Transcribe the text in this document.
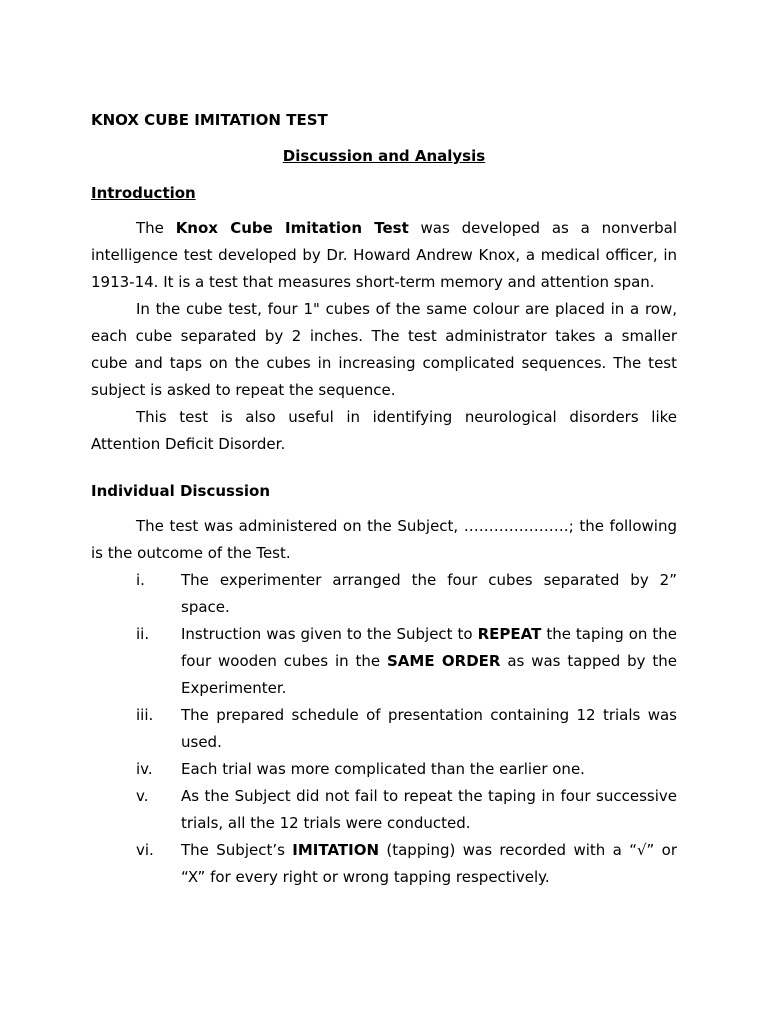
KNOX CUBE IMITATION TEST
Discussion and Analysis
Introduction

The Knox Cube Imitation Test was developed as a nonverbal intelligence test developed by Dr. Howard Andrew Knox, a medical officer, in 1913-14. It is a test that measures short-term memory and attention span.

In the cube test, four 1" cubes of the same colour are placed in a row, each cube separated by 2 inches. The test administrator takes a smaller cube and taps on the cubes in increasing complicated sequences. The test subject is asked to repeat the sequence.

This test is also useful in identifying neurological disorders like Attention Deficit Disorder.

Individual Discussion

The test was administered on the Subject, …………………; the following is the outcome of the Test.

i. The experimenter arranged the four cubes separated by 2” space.
ii. Instruction was given to the Subject to REPEAT the taping on the four wooden cubes in the SAME ORDER as was tapped by the Experimenter.
iii. The prepared schedule of presentation containing 12 trials was used.
iv. Each trial was more complicated than the earlier one.
v. As the Subject did not fail to repeat the taping in four successive trials, all the 12 trials were conducted.
vi. The Subject’s IMITATION (tapping) was recorded with a “√” or “X” for every right or wrong tapping respectively.
